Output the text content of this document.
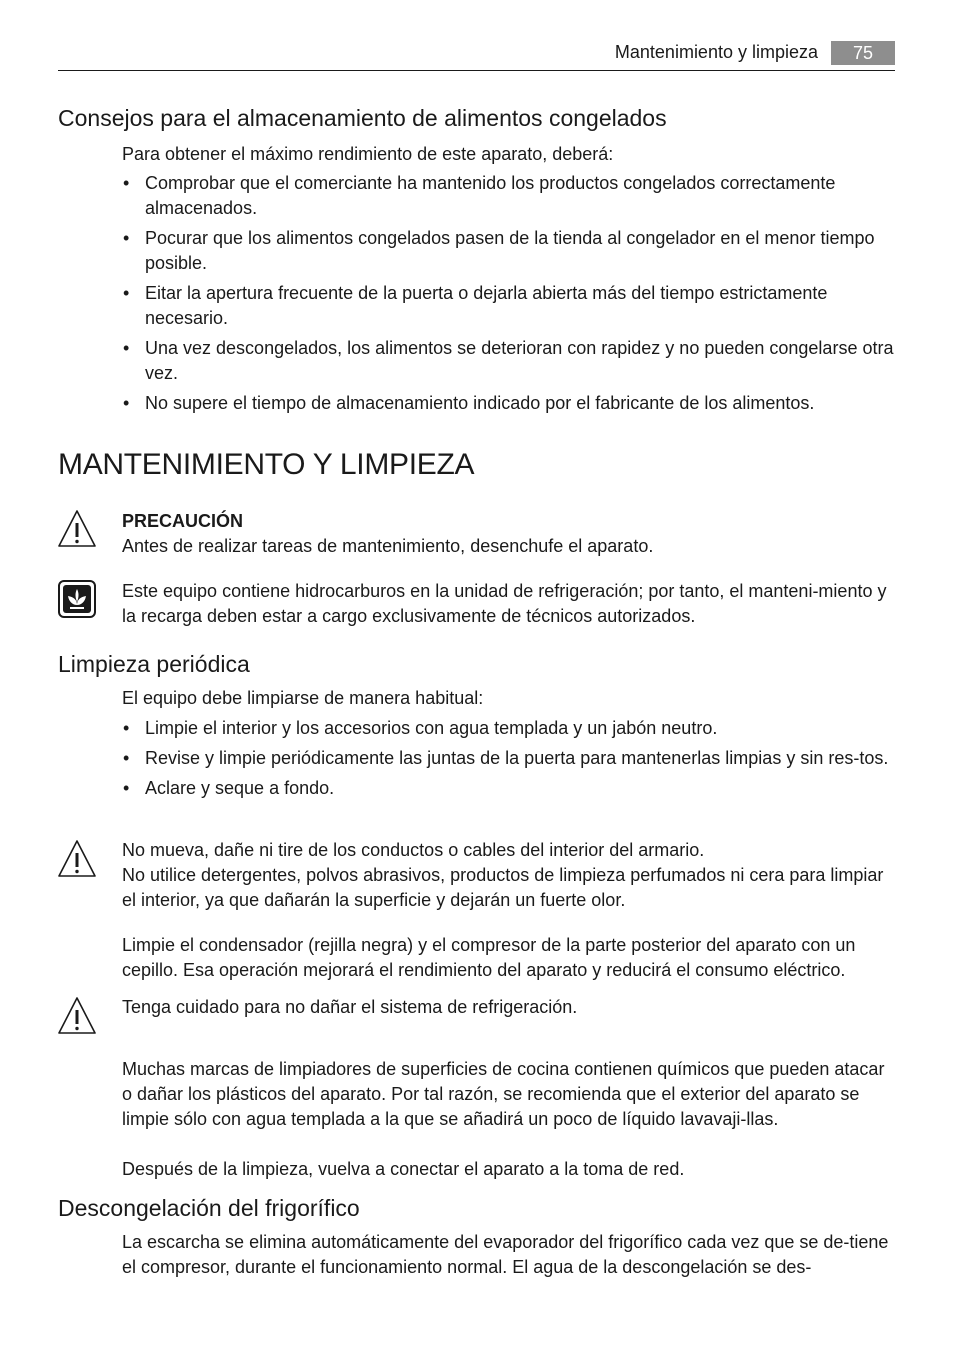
Mantenimiento y limpieza	75
Consejos para el almacenamiento de alimentos congelados
Para obtener el máximo rendimiento de este aparato, deberá:
• Comprobar que el comerciante ha mantenido los productos congelados correctamente almacenados.
• Pocurar que los alimentos congelados pasen de la tienda al congelador en el menor tiempo posible.
• Eitar la apertura frecuente de la puerta o dejarla abierta más del tiempo estrictamente necesario.
• Una vez descongelados, los alimentos se deterioran con rapidez y no pueden congelarse otra vez.
• No supere el tiempo de almacenamiento indicado por el fabricante de los alimentos.
MANTENIMIENTO Y LIMPIEZA
PRECAUCIÓN
Antes de realizar tareas de mantenimiento, desenchufe el aparato.
Este equipo contiene hidrocarburos en la unidad de refrigeración; por tanto, el manteni-miento y la recarga deben estar a cargo exclusivamente de técnicos autorizados.
Limpieza periódica
El equipo debe limpiarse de manera habitual:
• Limpie el interior y los accesorios con agua templada y un jabón neutro.
• Revise y limpie periódicamente las juntas de la puerta para mantenerlas limpias y sin res-tos.
• Aclare y seque a fondo.
No mueva, dañe ni tire de los conductos o cables del interior del armario.
No utilice detergentes, polvos abrasivos, productos de limpieza perfumados ni cera para limpiar el interior, ya que dañarán la superficie y dejarán un fuerte olor.
Limpie el condensador (rejilla negra) y el compresor de la parte posterior del aparato con un cepillo. Esa operación mejorará el rendimiento del aparato y reducirá el consumo eléctrico.
Tenga cuidado para no dañar el sistema de refrigeración.
Muchas marcas de limpiadores de superficies de cocina contienen químicos que pueden atacar o dañar los plásticos del aparato. Por tal razón, se recomienda que el exterior del aparato se limpie sólo con agua templada a la que se añadirá un poco de líquido lavavaji-llas.
Después de la limpieza, vuelva a conectar el aparato a la toma de red.
Descongelación del frigorífico
La escarcha se elimina automáticamente del evaporador del frigorífico cada vez que se de-tiene el compresor, durante el funcionamiento normal. El agua de la descongelación se des-
